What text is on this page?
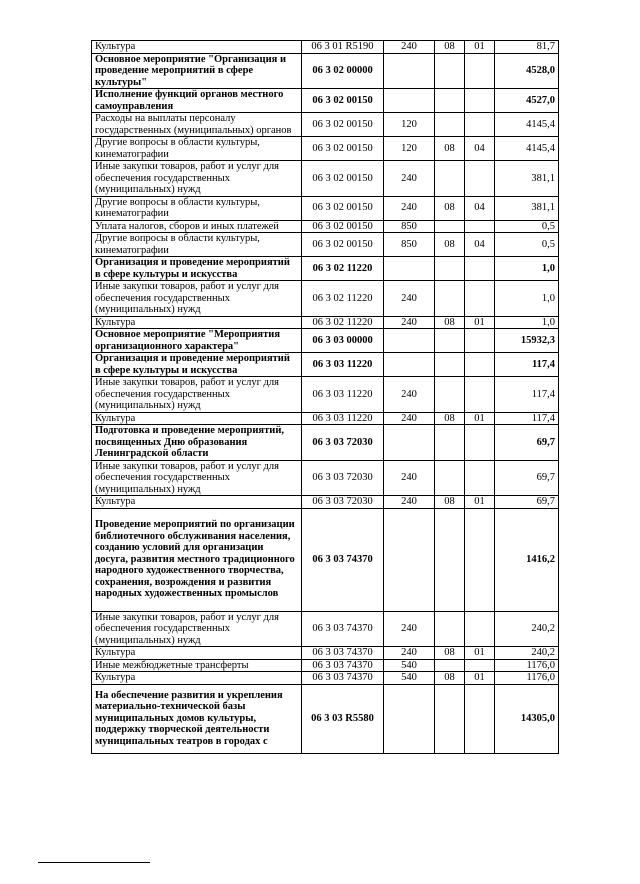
Культура	06 3 01 R5190	240	08	01	81,7
Основное мероприятие "Организация и проведение мероприятий в сфере культуры"	06 3 02 00000				4528,0
Исполнение функций органов местного самоуправления	06 3 02 00150				4527,0
Расходы на выплаты персоналу государственных (муниципальных) органов	06 3 02 00150	120			4145,4
Другие вопросы в области культуры, кинематографии	06 3 02 00150	120	08	04	4145,4
Иные закупки товаров, работ и услуг для обеспечения государственных (муниципальных) нужд	06 3 02 00150	240			381,1
Другие вопросы в области культуры, кинематографии	06 3 02 00150	240	08	04	381,1
Уплата налогов, сборов и иных платежей	06 3 02 00150	850			0,5
Другие вопросы в области культуры, кинематографии	06 3 02 00150	850	08	04	0,5
Организация и проведение мероприятий в сфере культуры и искусства	06 3 02 11220				1,0
Иные закупки товаров, работ и услуг для обеспечения государственных (муниципальных) нужд	06 3 02 11220	240			1,0
Культура	06 3 02 11220	240	08	01	1,0
Основное мероприятие "Мероприятия организационного характера"	06 3 03 00000				15932,3
Организация и проведение мероприятий в сфере культуры и искусства	06 3 03 11220				117,4
Иные закупки товаров, работ и услуг для обеспечения государственных (муниципальных) нужд	06 3 03 11220	240			117,4
Культура	06 3 03 11220	240	08	01	117,4
Подготовка и проведение мероприятий, посвященных Дню образования Ленинградской области	06 3 03 72030				69,7
Иные закупки товаров, работ и услуг для обеспечения государственных (муниципальных) нужд	06 3 03 72030	240			69,7
Культура	06 3 03 72030	240	08	01	69,7
Проведение мероприятий по организации библиотечного обслуживания населения, созданию условий для организации досуга, развития местного традиционного народного художественного творчества, сохранения, возрождения и развития народных художественных промыслов	06 3 03 74370				1416,2
Иные закупки товаров, работ и услуг для обеспечения государственных (муниципальных) нужд	06 3 03 74370	240			240,2
Культура	06 3 03 74370	240	08	01	240,2
Иные межбюджетные трансферты	06 3 03 74370	540			1176,0
Культура	06 3 03 74370	540	08	01	1176,0
На обеспечение развития и укрепления материально-технической базы муниципальных домов культуры, поддержку творческой деятельности муниципальных театров в городах с	06 3 03 R5580				14305,0
